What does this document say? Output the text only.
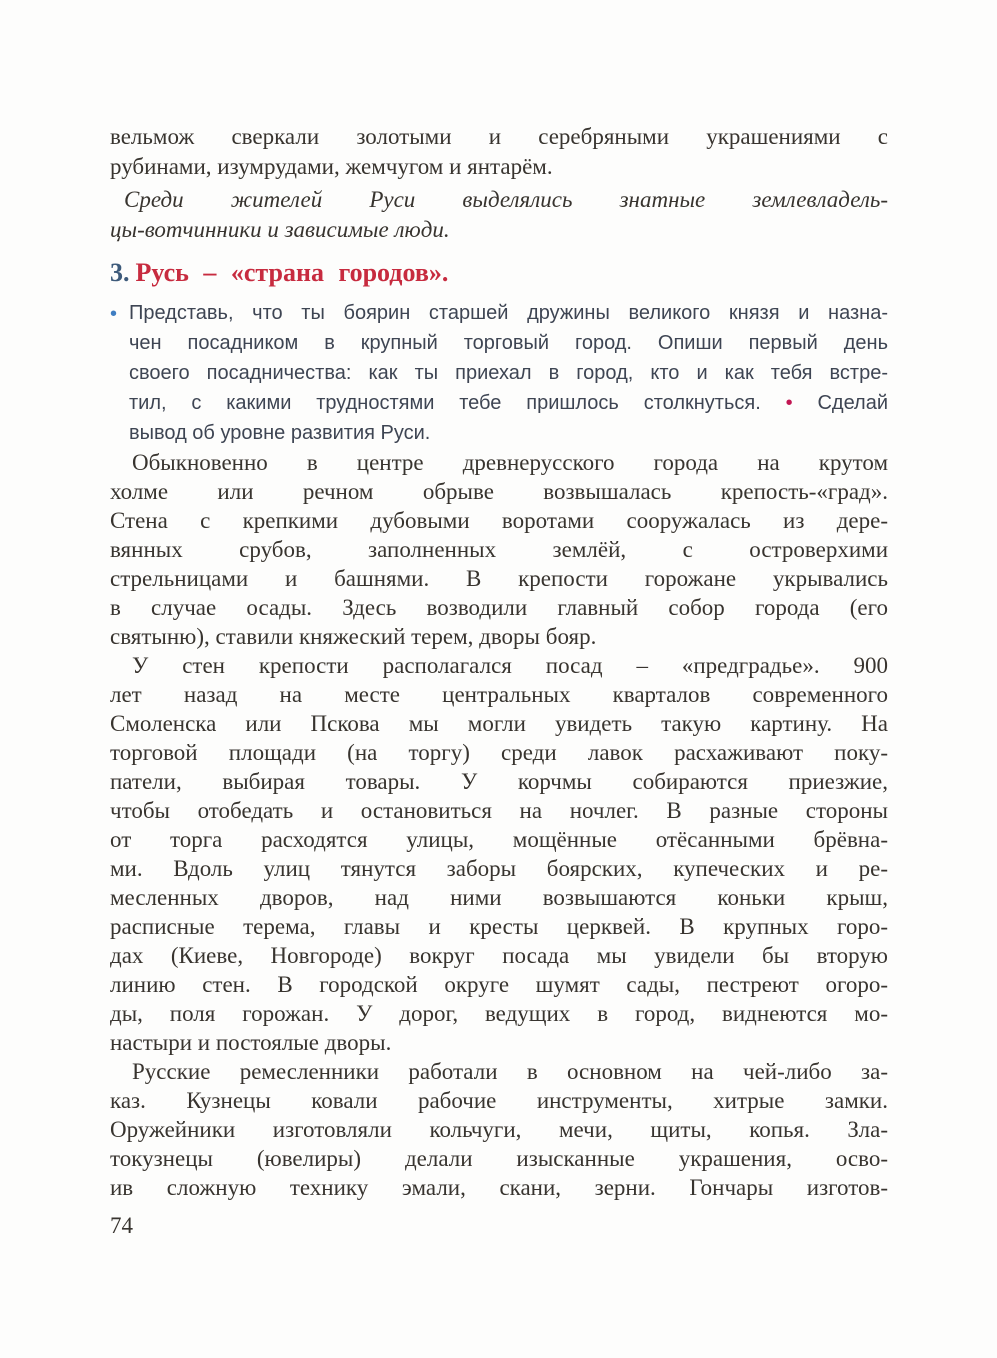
вельмож сверкали золотыми и серебряными украшениями с
рубинами, изумрудами, жемчугом и янтарём.
Среди жителей Руси выделялись знатные землевладель-
цы-вотчинники и зависимые люди.
3. Русь – «страна городов».
• Представь, что ты боярин старшей дружины великого князя и назна-
чен посадником в крупный торговый город. Опиши первый день
своего посадничества: как ты приехал в город, кто и как тебя встре-
тил, с какими трудностями тебе пришлось столкнуться. • Сделай
вывод об уровне развития Руси.
Обыкновенно в центре древнерусского города на крутом
холме или речном обрыве возвышалась крепость-«град».
Стена с крепкими дубовыми воротами сооружалась из дере-
вянных срубов, заполненных землёй, с островерхими
стрельницами и башнями. В крепости горожане укрывались
в случае осады. Здесь возводили главный собор города (его
святыню), ставили княжеский терем, дворы бояр.
У стен крепости располагался посад – «предградье». 900
лет назад на месте центральных кварталов современного
Смоленска или Пскова мы могли увидеть такую картину. На
торговой площади (на торгу) среди лавок расхаживают поку-
патели, выбирая товары. У корчмы собираются приезжие,
чтобы отобедать и остановиться на ночлег. В разные стороны
от торга расходятся улицы, мощённые отёсанными брёвна-
ми. Вдоль улиц тянутся заборы боярских, купеческих и ре-
месленных дворов, над ними возвышаются коньки крыш,
расписные терема, главы и кресты церквей. В крупных горо-
дах (Киеве, Новгороде) вокруг посада мы увидели бы вторую
линию стен. В городской округе шумят сады, пестреют огоро-
ды, поля горожан. У дорог, ведущих в город, виднеются мо-
настыри и постоялые дворы.
Русские ремесленники работали в основном на чей-либо за-
каз. Кузнецы ковали рабочие инструменты, хитрые замки.
Оружейники изготовляли кольчуги, мечи, щиты, копья. Зла-
токузнецы (ювелиры) делали изысканные украшения, осво-
ив сложную технику эмали, скани, зерни. Гончары изготов-
74
